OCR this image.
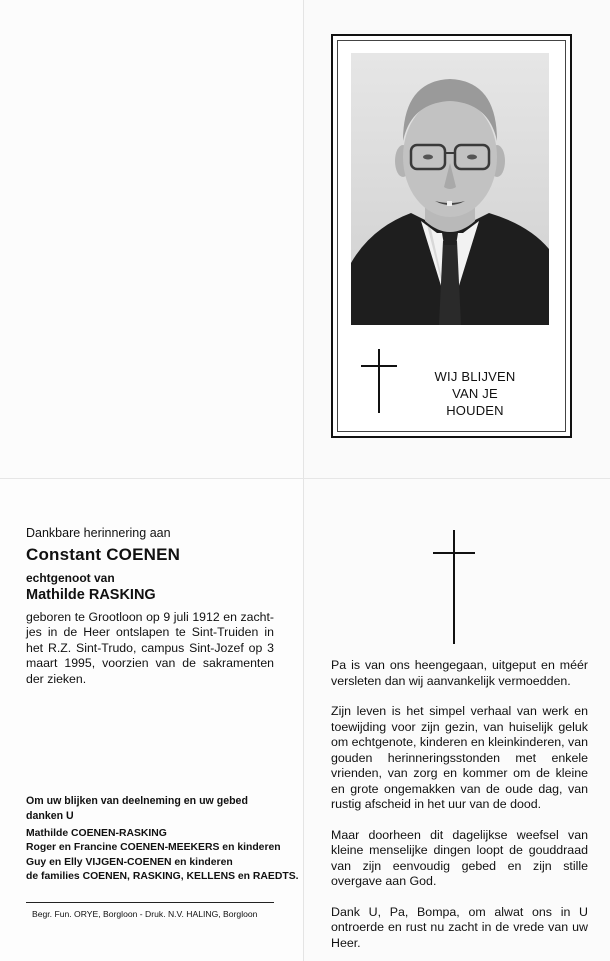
WIJ BLIJVEN
VAN JE
HOUDEN
Dankbare herinnering aan
Constant COENEN
echtgenoot van
Mathilde RASKING
geboren te Grootloon op 9 juli 1912 en zacht-jes in de Heer ontslapen te Sint-Truiden in het R.Z. Sint-Trudo, campus Sint-Jozef op 3 maart 1995, voorzien van de sakramenten der zieken.
Om uw blijken van deelneming en uw gebed danken U
Mathilde COENEN-RASKING
Roger en Francine COENEN-MEEKERS en kinderen
Guy en Elly VIJGEN-COENEN en kinderen
de families COENEN, RASKING, KELLENS en RAEDTS.
Begr. Fun. ORYE, Borgloon - Druk. N.V. HALING, Borgloon

Pa is van ons heengegaan, uitgeput en méér versleten dan wij aanvankelijk vermoedden.

Zijn leven is het simpel verhaal van werk en toewijding voor zijn gezin, van huiselijk geluk om echtgenote, kinderen en kleinkinderen, van gouden herinneringsstonden met enkele vrienden, van zorg en kommer om de kleine en grote ongemakken van de oude dag, van rustig afscheid in het uur van de dood.

Maar doorheen dit dagelijkse weefsel van kleine menselijke dingen loopt de gouddraad van zijn eenvoudig gebed en zijn stille overgave aan God.

Dank U, Pa, Bompa, om alwat ons in U ontroerde en rust nu zacht in de vrede van uw Heer.
